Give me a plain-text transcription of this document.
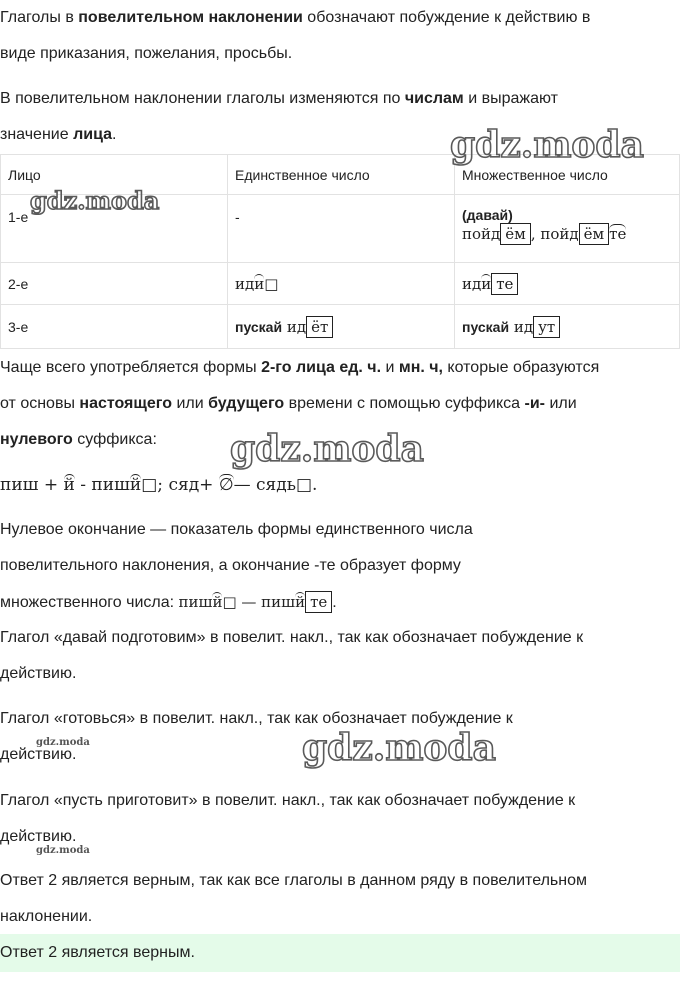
Глаголы в повелительном наклонении обозначают побуждение к действию в
виде приказания, пожелания, просьбы.
В повелительном наклонении глаголы изменяются по числам и выражают
значение лица.
Лицо	Единственное число	Множественное число
1-е	-	(давай)
пойд ём , пойд ём те
2-е	иди□	иди те
3-е	пускай ид ёт	пускай ид ут
Чаще всего употребляется формы 2-го лица ед. ч. и мн. ч, которые образуются
от основы настоящего или будущего времени с помощью суффикса -и- или
нулевого суффикса:
пиш + й - пишй□; сяд+ ∅— сядь□.
Нулевое окончание — показатель формы единственного числа
повелительного наклонения, а окончание -те образует форму
множественного числа: пишй□ — пишй те .
Глагол «давай подготовим» в повелит. накл., так как обозначает побуждение к
действию.
Глагол «готовься» в повелит. накл., так как обозначает побуждение к
действию.
Глагол «пусть приготовит» в повелит. накл., так как обозначает побуждение к
действию.
Ответ 2 является верным, так как все глаголы в данном ряду в повелительном
наклонении.
Ответ 2 является верным.
gdz.moda
gdz.moda
gdz.moda
gdz.moda
gdz.moda
gdz.moda
